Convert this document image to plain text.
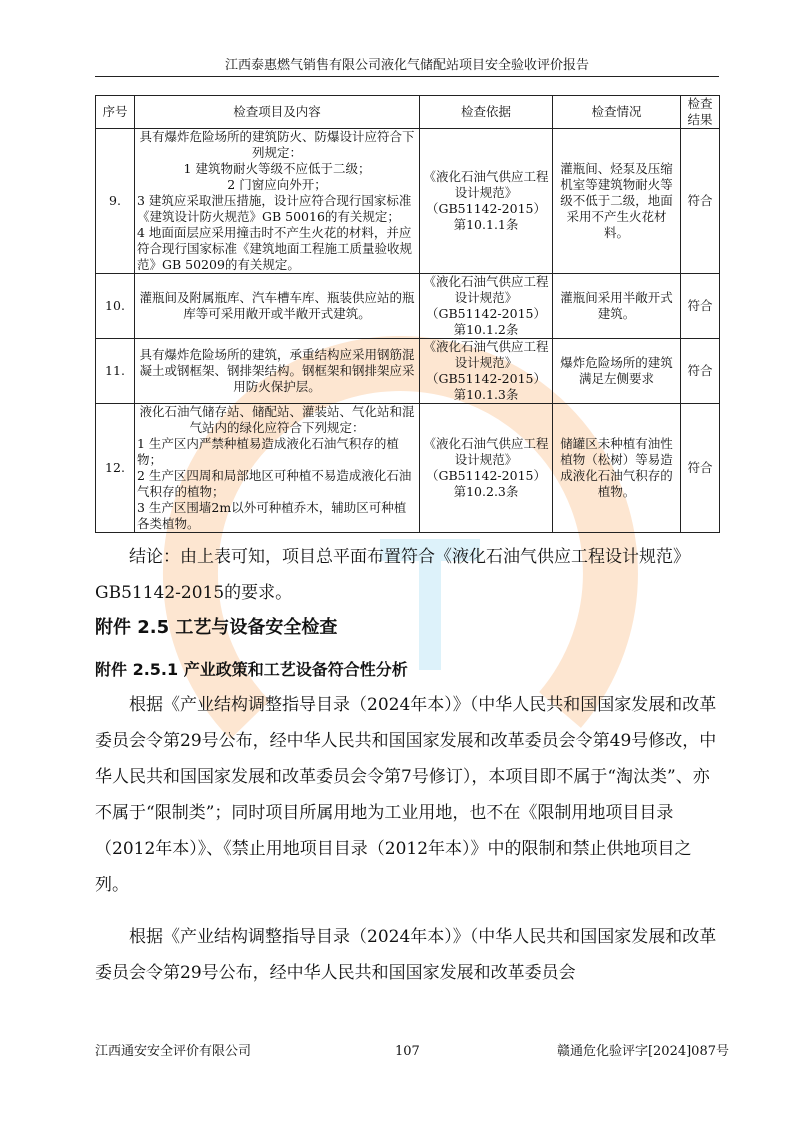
江西泰惠燃气销售有限公司液化气储配站项目安全验收评价报告
序号	检查项目及内容	检查依据	检查情况	检查结果
9.	具有爆炸危险场所的建筑防火、防爆设计应符合下列规定：
1 建筑物耐火等级不应低于二级；
2 门窗应向外开；
3 建筑应采取泄压措施，设计应符合现行国家标准《建筑设计防火规范》GB 50016的有关规定；
4 地面面层应采用撞击时不产生火花的材料，并应符合现行国家标准《建筑地面工程施工质量验收规范》GB 50209的有关规定。	《液化石油气供应工程设计规范》（GB51142-2015）第10.1.1条	灌瓶间、烃泵及压缩机室等建筑物耐火等级不低于二级，地面采用不产生火花材料。	符合
10.	灌瓶间及附属瓶库、汽车槽车库、瓶装供应站的瓶库等可采用敞开或半敞开式建筑。	《液化石油气供应工程设计规范》（GB51142-2015）第10.1.2条	灌瓶间采用半敞开式建筑。	符合
11.	具有爆炸危险场所的建筑，承重结构应采用钢筋混凝土或钢框架、钢排架结构。钢框架和钢排架应采用防火保护层。	《液化石油气供应工程设计规范》（GB51142-2015）第10.1.3条	爆炸危险场所的建筑满足左侧要求	符合
12.	液化石油气储存站、储配站、灌装站、气化站和混气站内的绿化应符合下列规定：
1 生产区内严禁种植易造成液化石油气积存的植物；
2 生产区四周和局部地区可种植不易造成液化石油气积存的植物；
3 生产区围墙2m以外可种植乔木，辅助区可种植各类植物。	《液化石油气供应工程设计规范》（GB51142-2015）第10.2.3条	储罐区未种植有油性植物（松树）等易造成液化石油气积存的植物。	符合
结论：由上表可知，项目总平面布置符合《液化石油气供应工程设计规范》GB51142-2015的要求。
附件 2.5 工艺与设备安全检查
附件 2.5.1 产业政策和工艺设备符合性分析
根据《产业结构调整指导目录（2024年本）》（中华人民共和国国家发展和改革委员会令第29号公布，经中华人民共和国国家发展和改革委员会令第49号修改，中华人民共和国国家发展和改革委员会令第7号修订），本项目即不属于“淘汰类”、亦不属于“限制类”；同时项目所属用地为工业用地，也不在《限制用地项目目录（2012年本）》、《禁止用地项目目录（2012年本）》中的限制和禁止供地项目之列。
根据《产业结构调整指导目录（2024年本）》（中华人民共和国国家发展和改革委员会令第29号公布，经中华人民共和国国家发展和改革委员会
江西通安安全评价有限公司	107	赣通危化验评字[2024]087号
